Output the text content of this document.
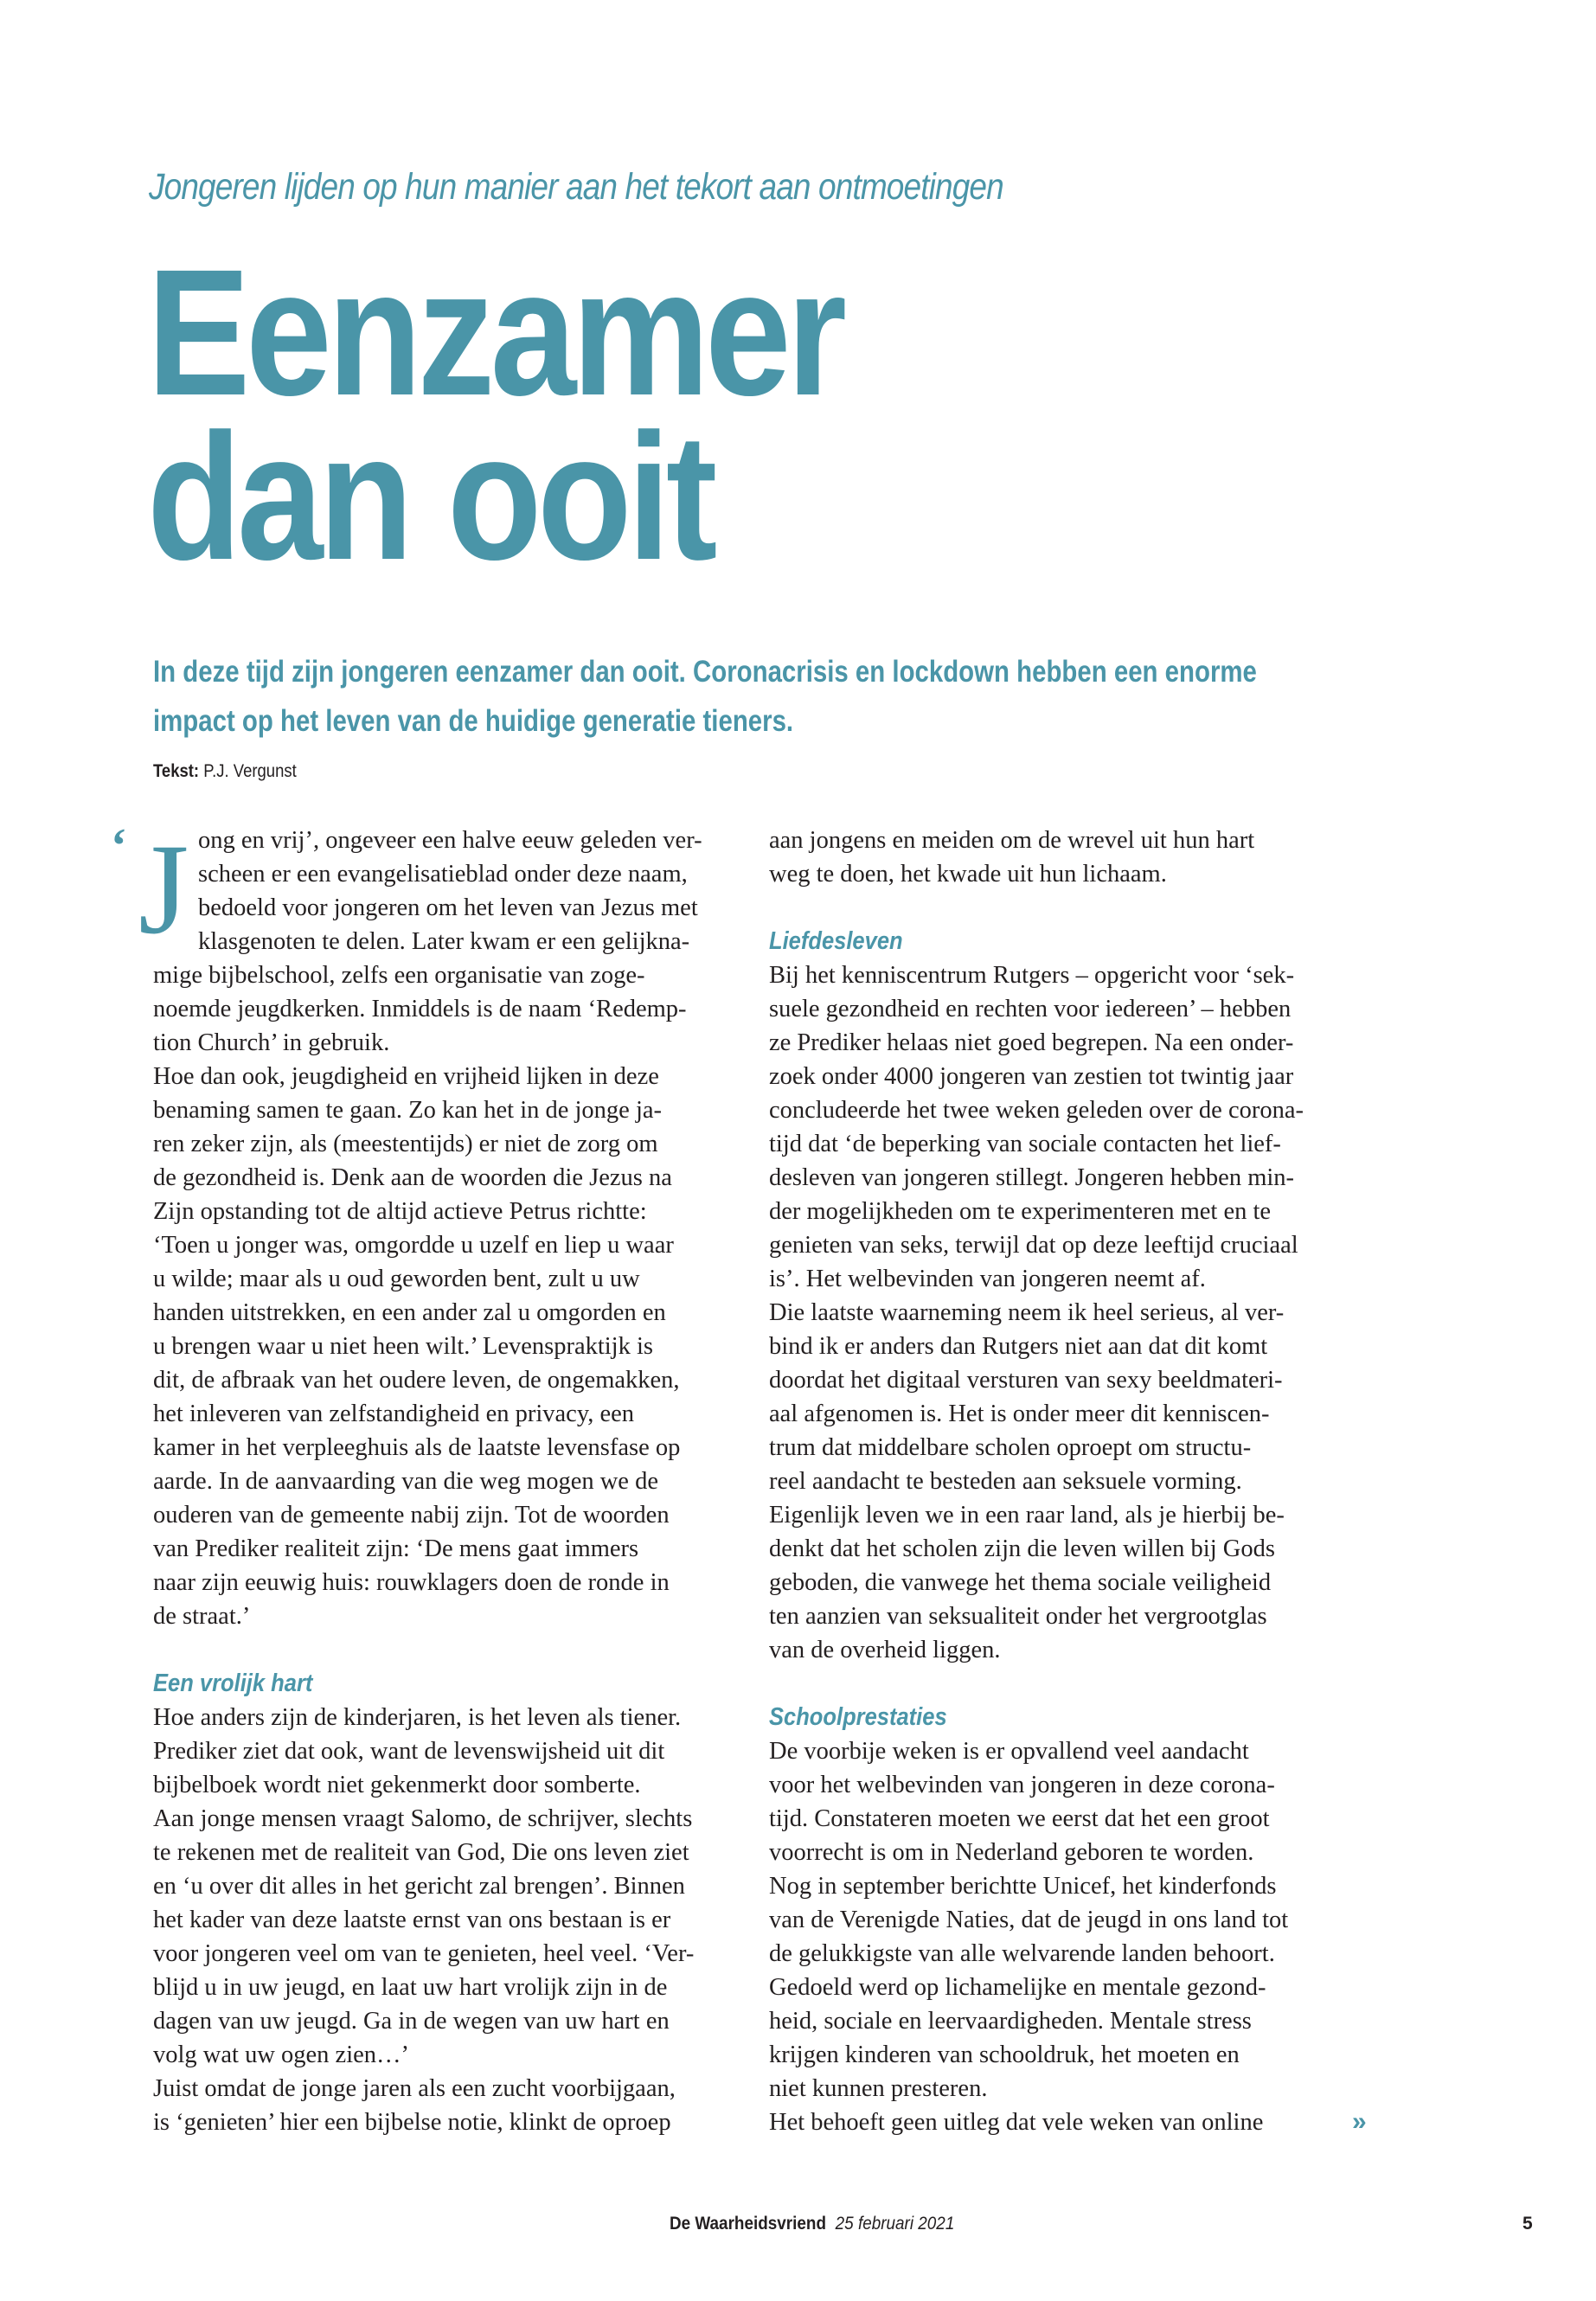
Jongeren lijden op hun manier aan het tekort aan ontmoetingen
Eenzamer
dan ooit
In deze tijd zijn jongeren eenzamer dan ooit. Coronacrisis en lockdown hebben een enorme
impact op het leven van de huidige generatie tieners.
Tekst: P.J. Vergunst
‘ J ong en vrij’, ongeveer een halve eeuw geleden ver-
scheen er een evangelisatieblad onder deze naam,
bedoeld voor jongeren om het leven van Jezus met
klasgenoten te delen. Later kwam er een gelijkna-
mige bijbelschool, zelfs een organisatie van zoge-
noemde jeugdkerken. Inmiddels is de naam ‘Redemp-
tion Church’ in gebruik.
Hoe dan ook, jeugdigheid en vrijheid lijken in deze
benaming samen te gaan. Zo kan het in de jonge ja-
ren zeker zijn, als (meestentijds) er niet de zorg om
de gezondheid is. Denk aan de woorden die Jezus na
Zijn opstanding tot de altijd actieve Petrus richtte:
‘Toen u jonger was, omgordde u uzelf en liep u waar
u wilde; maar als u oud geworden bent, zult u uw
handen uitstrekken, en een ander zal u omgorden en
u brengen waar u niet heen wilt.’ Levenspraktijk is
dit, de afbraak van het oudere leven, de ongemakken,
het inleveren van zelfstandigheid en privacy, een
kamer in het verpleeghuis als de laatste levensfase op
aarde. In de aanvaarding van die weg mogen we de
ouderen van de gemeente nabij zijn. Tot de woorden
van Prediker realiteit zijn: ‘De mens gaat immers
naar zijn eeuwig huis: rouwklagers doen de ronde in
de straat.’
Een vrolijk hart
Hoe anders zijn de kinderjaren, is het leven als tiener.
Prediker ziet dat ook, want de levenswijsheid uit dit
bijbelboek wordt niet gekenmerkt door somberte.
Aan jonge mensen vraagt Salomo, de schrijver, slechts
te rekenen met de realiteit van God, Die ons leven ziet
en ‘u over dit alles in het gericht zal brengen’. Binnen
het kader van deze laatste ernst van ons bestaan is er
voor jongeren veel om van te genieten, heel veel. ‘Ver-
blijd u in uw jeugd, en laat uw hart vrolijk zijn in de
dagen van uw jeugd. Ga in de wegen van uw hart en
volg wat uw ogen zien…’
Juist omdat de jonge jaren als een zucht voorbijgaan,
is ‘genieten’ hier een bijbelse notie, klinkt de oproep
aan jongens en meiden om de wrevel uit hun hart
weg te doen, het kwade uit hun lichaam.
Liefdesleven
Bij het kenniscentrum Rutgers – opgericht voor ‘sek-
suele gezondheid en rechten voor iedereen’ – hebben
ze Prediker helaas niet goed begrepen. Na een onder-
zoek onder 4000 jongeren van zestien tot twintig jaar
concludeerde het twee weken geleden over de corona-
tijd dat ‘de beperking van sociale contacten het lief-
desleven van jongeren stillegt. Jongeren hebben min-
der mogelijkheden om te experimenteren met en te
genieten van seks, terwijl dat op deze leeftijd cruciaal
is’. Het welbevinden van jongeren neemt af.
Die laatste waarneming neem ik heel serieus, al ver-
bind ik er anders dan Rutgers niet aan dat dit komt
doordat het digitaal versturen van sexy beeldmateri-
aal afgenomen is. Het is onder meer dit kenniscen-
trum dat middelbare scholen oproept om structu-
reel aandacht te besteden aan seksuele vorming.
Eigenlijk leven we in een raar land, als je hierbij be-
denkt dat het scholen zijn die leven willen bij Gods
geboden, die vanwege het thema sociale veiligheid
ten aanzien van seksualiteit onder het vergrootglas
van de overheid liggen.
Schoolprestaties
De voorbije weken is er opvallend veel aandacht
voor het welbevinden van jongeren in deze corona-
tijd. Constateren moeten we eerst dat het een groot
voorrecht is om in Nederland geboren te worden.
Nog in september berichtte Unicef, het kinderfonds
van de Verenigde Naties, dat de jeugd in ons land tot
de gelukkigste van alle welvarende landen behoort.
Gedoeld werd op lichamelijke en mentale gezond-
heid, sociale en leervaardigheden. Mentale stress
krijgen kinderen van schooldruk, het moeten en
niet kunnen presteren.
Het behoeft geen uitleg dat vele weken van online	»
De Waarheidsvriend 25 februari 2021	5
